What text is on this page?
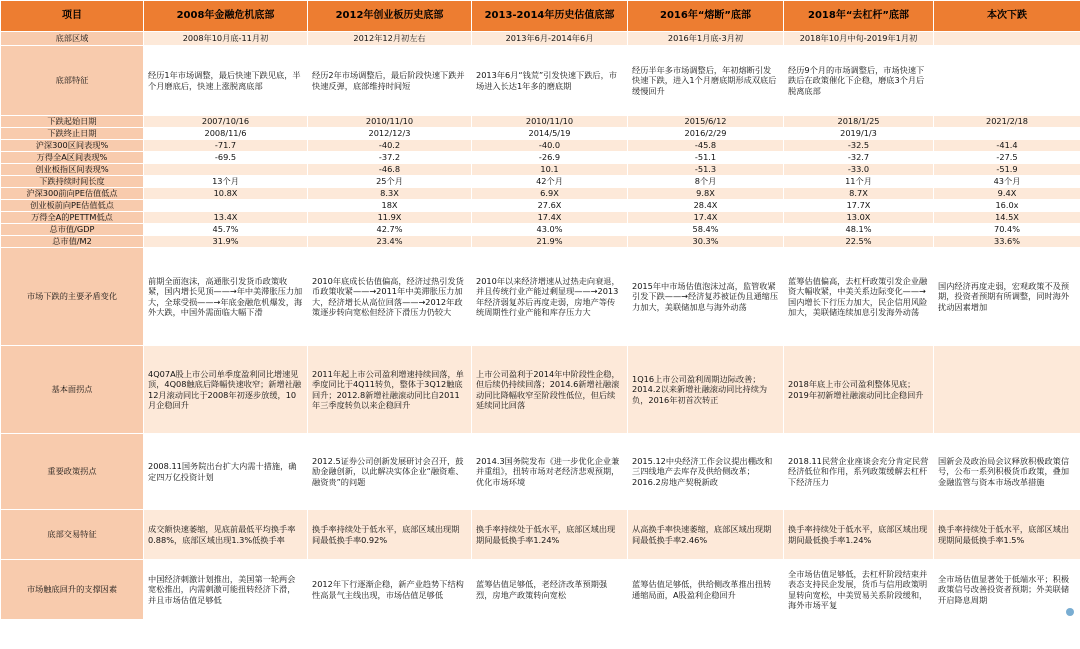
项目	2008年金融危机底部	2012年创业板历史底部	2013-2014年历史估值底部	2016年“熔断”底部	2018年“去杠杆”底部	本次下跌
底部区域	2008年10月底-11月初	2012年12月初左右	2013年6月-2014年6月	2016年1月底-3月初	2018年10月中旬-2019年1月初	
底部特征	经历1年市场调整，最后快速下跌见底，半个月磨底后，快速上涨脱离底部	经历2年市场调整后，最后阶段快速下跌并快速反弹，底部维持时间短	2013年6月“钱荒”引发快速下跌后，市场进入长达1年多的磨底期	经历半年多市场调整后，年初熔断引发快速下跌，进入1个月磨底期形成双底后缓慢回升	经历9个月的市场调整后，市场快速下跌后在政策催化下企稳，磨底3个月后脱离底部	
下跌起始日期	2007/10/16	2010/11/10	2010/11/10	2015/6/12	2018/1/25	2021/2/18
下跌终止日期	2008/11/6	2012/12/3	2014/5/19	2016/2/29	2019/1/3	
沪深300区间表现%	-71.7	-40.2	-40.0	-45.8	-32.5	-41.4
万得全A区间表现%	-69.5	-37.2	-26.9	-51.1	-32.7	-27.5
创业板指区间表现%		-46.8	10.1	-51.3	-33.0	-51.9
下跌持续时间长度	13个月	25个月	42个月	8个月	11个月	43个月
沪深300前向PE估值低点	10.8X	8.3X	6.9X	9.8X	8.7X	9.4X
创业板前向PE估值低点		18X	27.6X	28.4X	17.7X	16.0x
万得全A的PETTM低点	13.4X	11.9X	17.4X	17.4X	13.0X	14.5X
总市值/GDP	45.7%	42.7%	43.0%	58.4%	48.1%	70.4%
总市值/M2	31.9%	23.4%	21.9%	30.3%	22.5%	33.6%
市场下跌的主要矛盾变化	前期全面泡沫，高通胀引发货币政策收紧，国内增长见顶——→年中美滞胀压力加大，全球受损——→年底金融危机爆发，海外大跌，中国外需面临大幅下滑	2010年底成长估值偏高，经济过热引发货币政策收紧——→2011年中美滞胀压力加大，经济增长从高位回落——→2012年政策逐步转向宽松但经济下滑压力仍较大	2010年以来经济增速从过热走向衰退，并且传统行业产能过剩显现——→2013年经济弱复苏后再度走弱，房地产等传统周期性行业产能和库存压力大	2015年中市场估值泡沫过高，监管收紧引发下跌——→经济复苏被证伪且通缩压力加大，美联储加息与海外动荡	蓝筹估值偏高，去杠杆政策引发企业融资大幅收紧，中美关系边际变化——→国内增长下行压力加大，民企信用风险加大，美联储连续加息引发海外动荡	国内经济再度走弱，宏观政策不及预期，投资者预期有所调整，同时海外扰动因素增加
基本面拐点	4Q07A股上市公司单季度盈利同比增速见顶，4Q08触底后降幅快速收窄；新增社融12月滚动同比于2008年初逐步放缓，10月企稳回升	2011年起上市公司盈利增速持续回落，单季度同比于4Q11转负，整体于3Q12触底回升；2012.8新增社融滚动同比自2011年三季度转负以来企稳回升	上市公司盈利于2014年中阶段性企稳，但后续仍持续回落；2014.6新增社融滚动同比降幅收窄至阶段性低位，但后续延续同比回落	1Q16上市公司盈利周期边际改善；2014.2以来新增社融滚动同比持续为负，2016年初首次转正	2018年底上市公司盈利整体见底；2019年初新增社融滚动同比企稳回升	
重要政策拐点	2008.11国务院出台扩大内需十措施，确定四万亿投资计划	2012.5证券公司创新发展研讨会召开，鼓励金融创新，以此解决实体企业“融资难、融资贵”的问题	2014.3国务院发布《进一步优化企业兼并重组》，扭转市场对老经济悲观预期，优化市场环境	2015.12中央经济工作会议提出棚改和三四线地产去库存及供给侧改革；2016.2房地产契税新政	2018.11民营企业座谈会充分肯定民营经济低位和作用，系列政策缓解去杠杆下经济压力	国新会及政治局会议释放积极政策信号，公布一系列积极货币政策，叠加金融监管与资本市场改革措施
底部交易特征	成交额快速萎缩，见底前最低平均换手率0.88%，底部区域出现1.3%低换手率	换手率持续处于低水平，底部区域出现期间最低换手率0.92%	换手率持续处于低水平，底部区域出现期间最低换手率1.24%	从高换手率快速萎缩，底部区域出现期间最低换手率2.46%	换手率持续处于低水平，底部区域出现期间最低换手率1.24%	换手率持续处于低水平，底部区域出现期间最低换手率1.5%
市场触底回升的支撑因素	中国经济刺激计划推出，美国第一轮两会宽松推出，内需刺激可能扭转经济下滑，并且市场估值足够低	2012年下行逐渐企稳，新产业趋势下结构性高景气主线出现，市场估值足够低	蓝筹估值足够低，老经济改革预期强烈，房地产政策转向宽松	蓝筹估值足够低，供给侧改革推出扭转通缩局面，A股盈利企稳回升	全市场估值足够低，去杠杆阶段结束并表态支持民企发展，货币与信用政策明显转向宽松，中美贸易关系阶段缓和，海外市场平复	全市场估值显著处于低端水平；积极政策信号改善投资者预期；外美联储开启降息周期
